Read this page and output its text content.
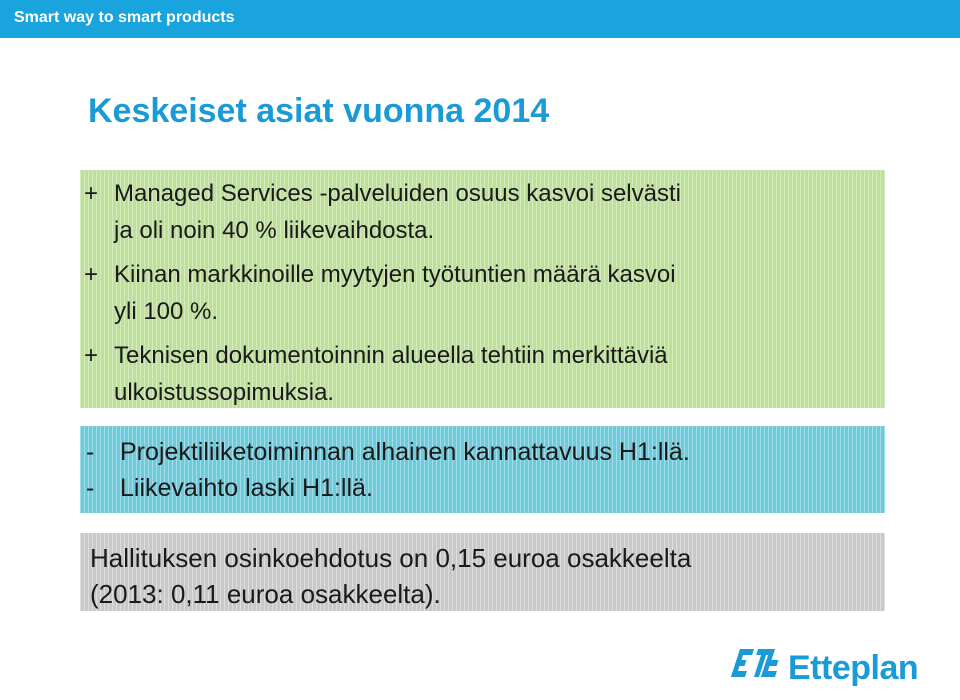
Smart way to smart products
Keskeiset asiat vuonna 2014
+ Managed Services -palveluiden osuus kasvoi selvästi
ja oli noin 40 % liikevaihdosta.
+ Kiinan markkinoille myytyjen työtuntien määrä kasvoi
yli 100 %.
+ Teknisen dokumentoinnin alueella tehtiin merkittäviä
ulkoistussopimuksia.
- Projektiliiketoiminnan alhainen kannattavuus H1:llä.
- Liikevaihto laski H1:llä.
Hallituksen osinkoehdotus on 0,15 euroa osakkeelta
(2013: 0,11 euroa osakkeelta).
Etteplan
